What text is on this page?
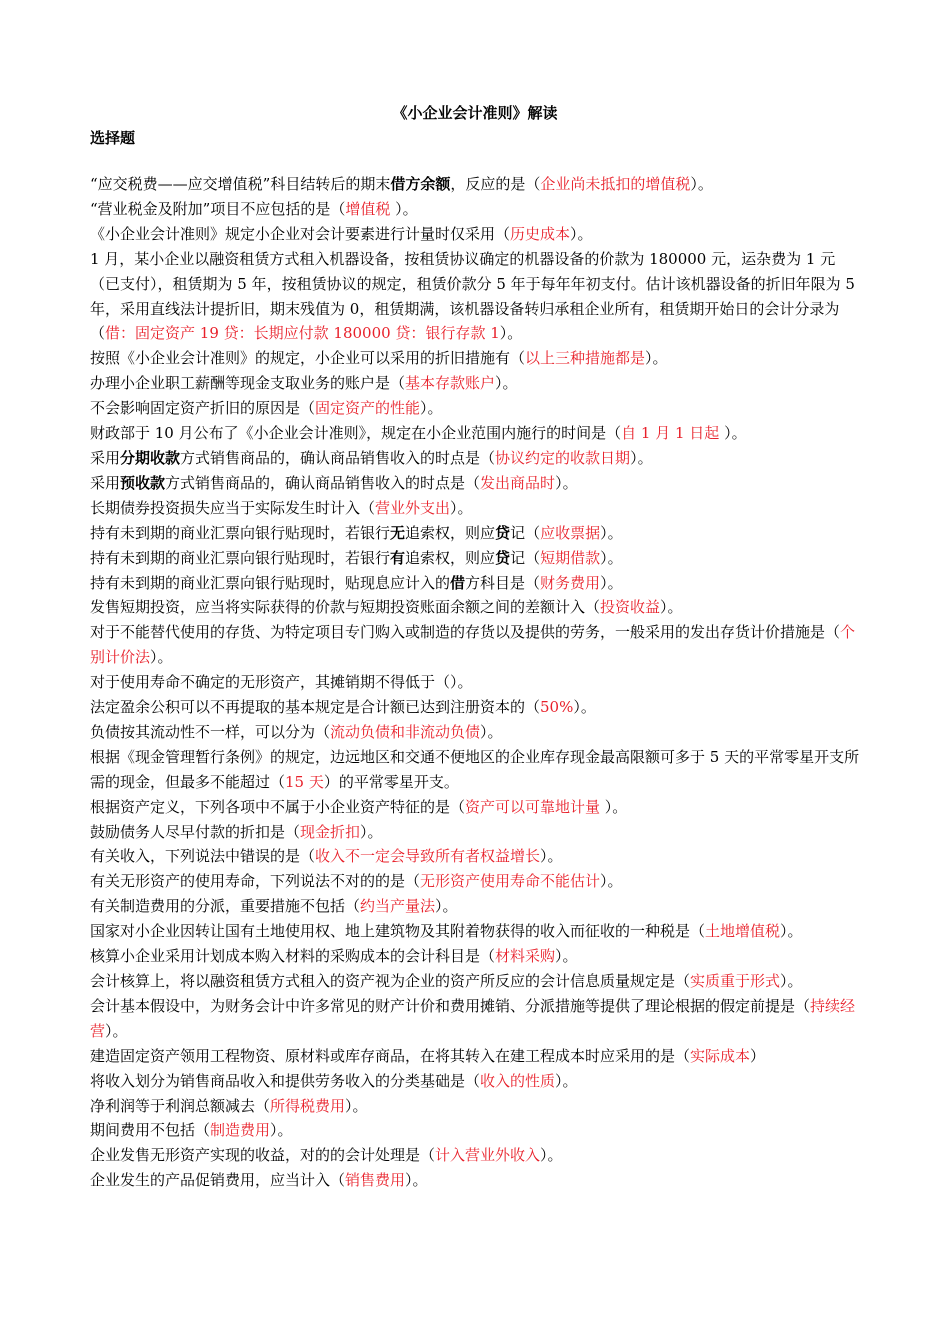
《小企业会计准则》解读
选择题

“应交税费——应交增值税”科目结转后的期末借方余额，反应的是（企业尚未抵扣的增值税）。

“营业税金及附加”项目不应包括的是（增值税 ）。

《小企业会计准则》规定小企业对会计要素进行计量时仅采用（历史成本）。

1 月，某小企业以融资租赁方式租入机器设备，按租赁协议确定的机器设备的价款为 180000 元，运杂费为 1 元（已支付），租赁期为 5 年，按租赁协议的规定，租赁价款分 5 年于每年年初支付。估计该机器设备的折旧年限为 5 年，采用直线法计提折旧，期末残值为 0，租赁期满，该机器设备转归承租企业所有，租赁期开始日的会计分录为（借：固定资产 19 贷：长期应付款 180000 贷：银行存款 1）。

按照《小企业会计准则》的规定，小企业可以采用的折旧措施有（以上三种措施都是）。

办理小企业职工薪酬等现金支取业务的账户是（基本存款账户）。

不会影响固定资产折旧的原因是（固定资产的性能）。

财政部于 10 月公布了《小企业会计准则》，规定在小企业范围内施行的时间是（自 1 月 1 日起 ）。

采用分期收款方式销售商品的，确认商品销售收入的时点是（协议约定的收款日期）。

采用预收款方式销售商品的，确认商品销售收入的时点是（发出商品时）。

长期债券投资损失应当于实际发生时计入（营业外支出）。

持有未到期的商业汇票向银行贴现时，若银行无追索权，则应贷记（应收票据）。

持有未到期的商业汇票向银行贴现时，若银行有追索权，则应贷记（短期借款）。

持有未到期的商业汇票向银行贴现时，贴现息应计入的借方科目是（财务费用）。

发售短期投资，应当将实际获得的价款与短期投资账面余额之间的差额计入（投资收益）。

对于不能替代使用的存货、为特定项目专门购入或制造的存货以及提供的劳务，一般采用的发出存货计价措施是（个别计价法）。

对于使用寿命不确定的无形资产，其摊销期不得低于（）。

法定盈余公积可以不再提取的基本规定是合计额已达到注册资本的（50%）。

负债按其流动性不一样，可以分为（流动负债和非流动负债）。

根据《现金管理暂行条例》的规定，边远地区和交通不便地区的企业库存现金最高限额可多于 5 天的平常零星开支所需的现金，但最多不能超过（15 天）的平常零星开支。

根据资产定义，下列各项中不属于小企业资产特征的是（资产可以可靠地计量 ）。

鼓励债务人尽早付款的折扣是（现金折扣）。

有关收入，下列说法中错误的是（收入不一定会导致所有者权益增长）。

有关无形资产的使用寿命，下列说法不对的的是（无形资产使用寿命不能估计）。

有关制造费用的分派，重要措施不包括（约当产量法）。

国家对小企业因转让国有土地使用权、地上建筑物及其附着物获得的收入而征收的一种税是（土地增值税）。

核算小企业采用计划成本购入材料的采购成本的会计科目是（材料采购）。

会计核算上，将以融资租赁方式租入的资产视为企业的资产所反应的会计信息质量规定是（实质重于形式）。

会计基本假设中，为财务会计中许多常见的财产计价和费用摊销、分派措施等提供了理论根据的假定前提是（持续经营）。

建造固定资产领用工程物资、原材料或库存商品，在将其转入在建工程成本时应采用的是（实际成本）

将收入划分为销售商品收入和提供劳务收入的分类基础是（收入的性质）。

净利润等于利润总额减去（所得税费用）。

期间费用不包括（制造费用）。

企业发售无形资产实现的收益，对的的会计处理是（计入营业外收入）。

企业发生的产品促销费用，应当计入（销售费用）。
